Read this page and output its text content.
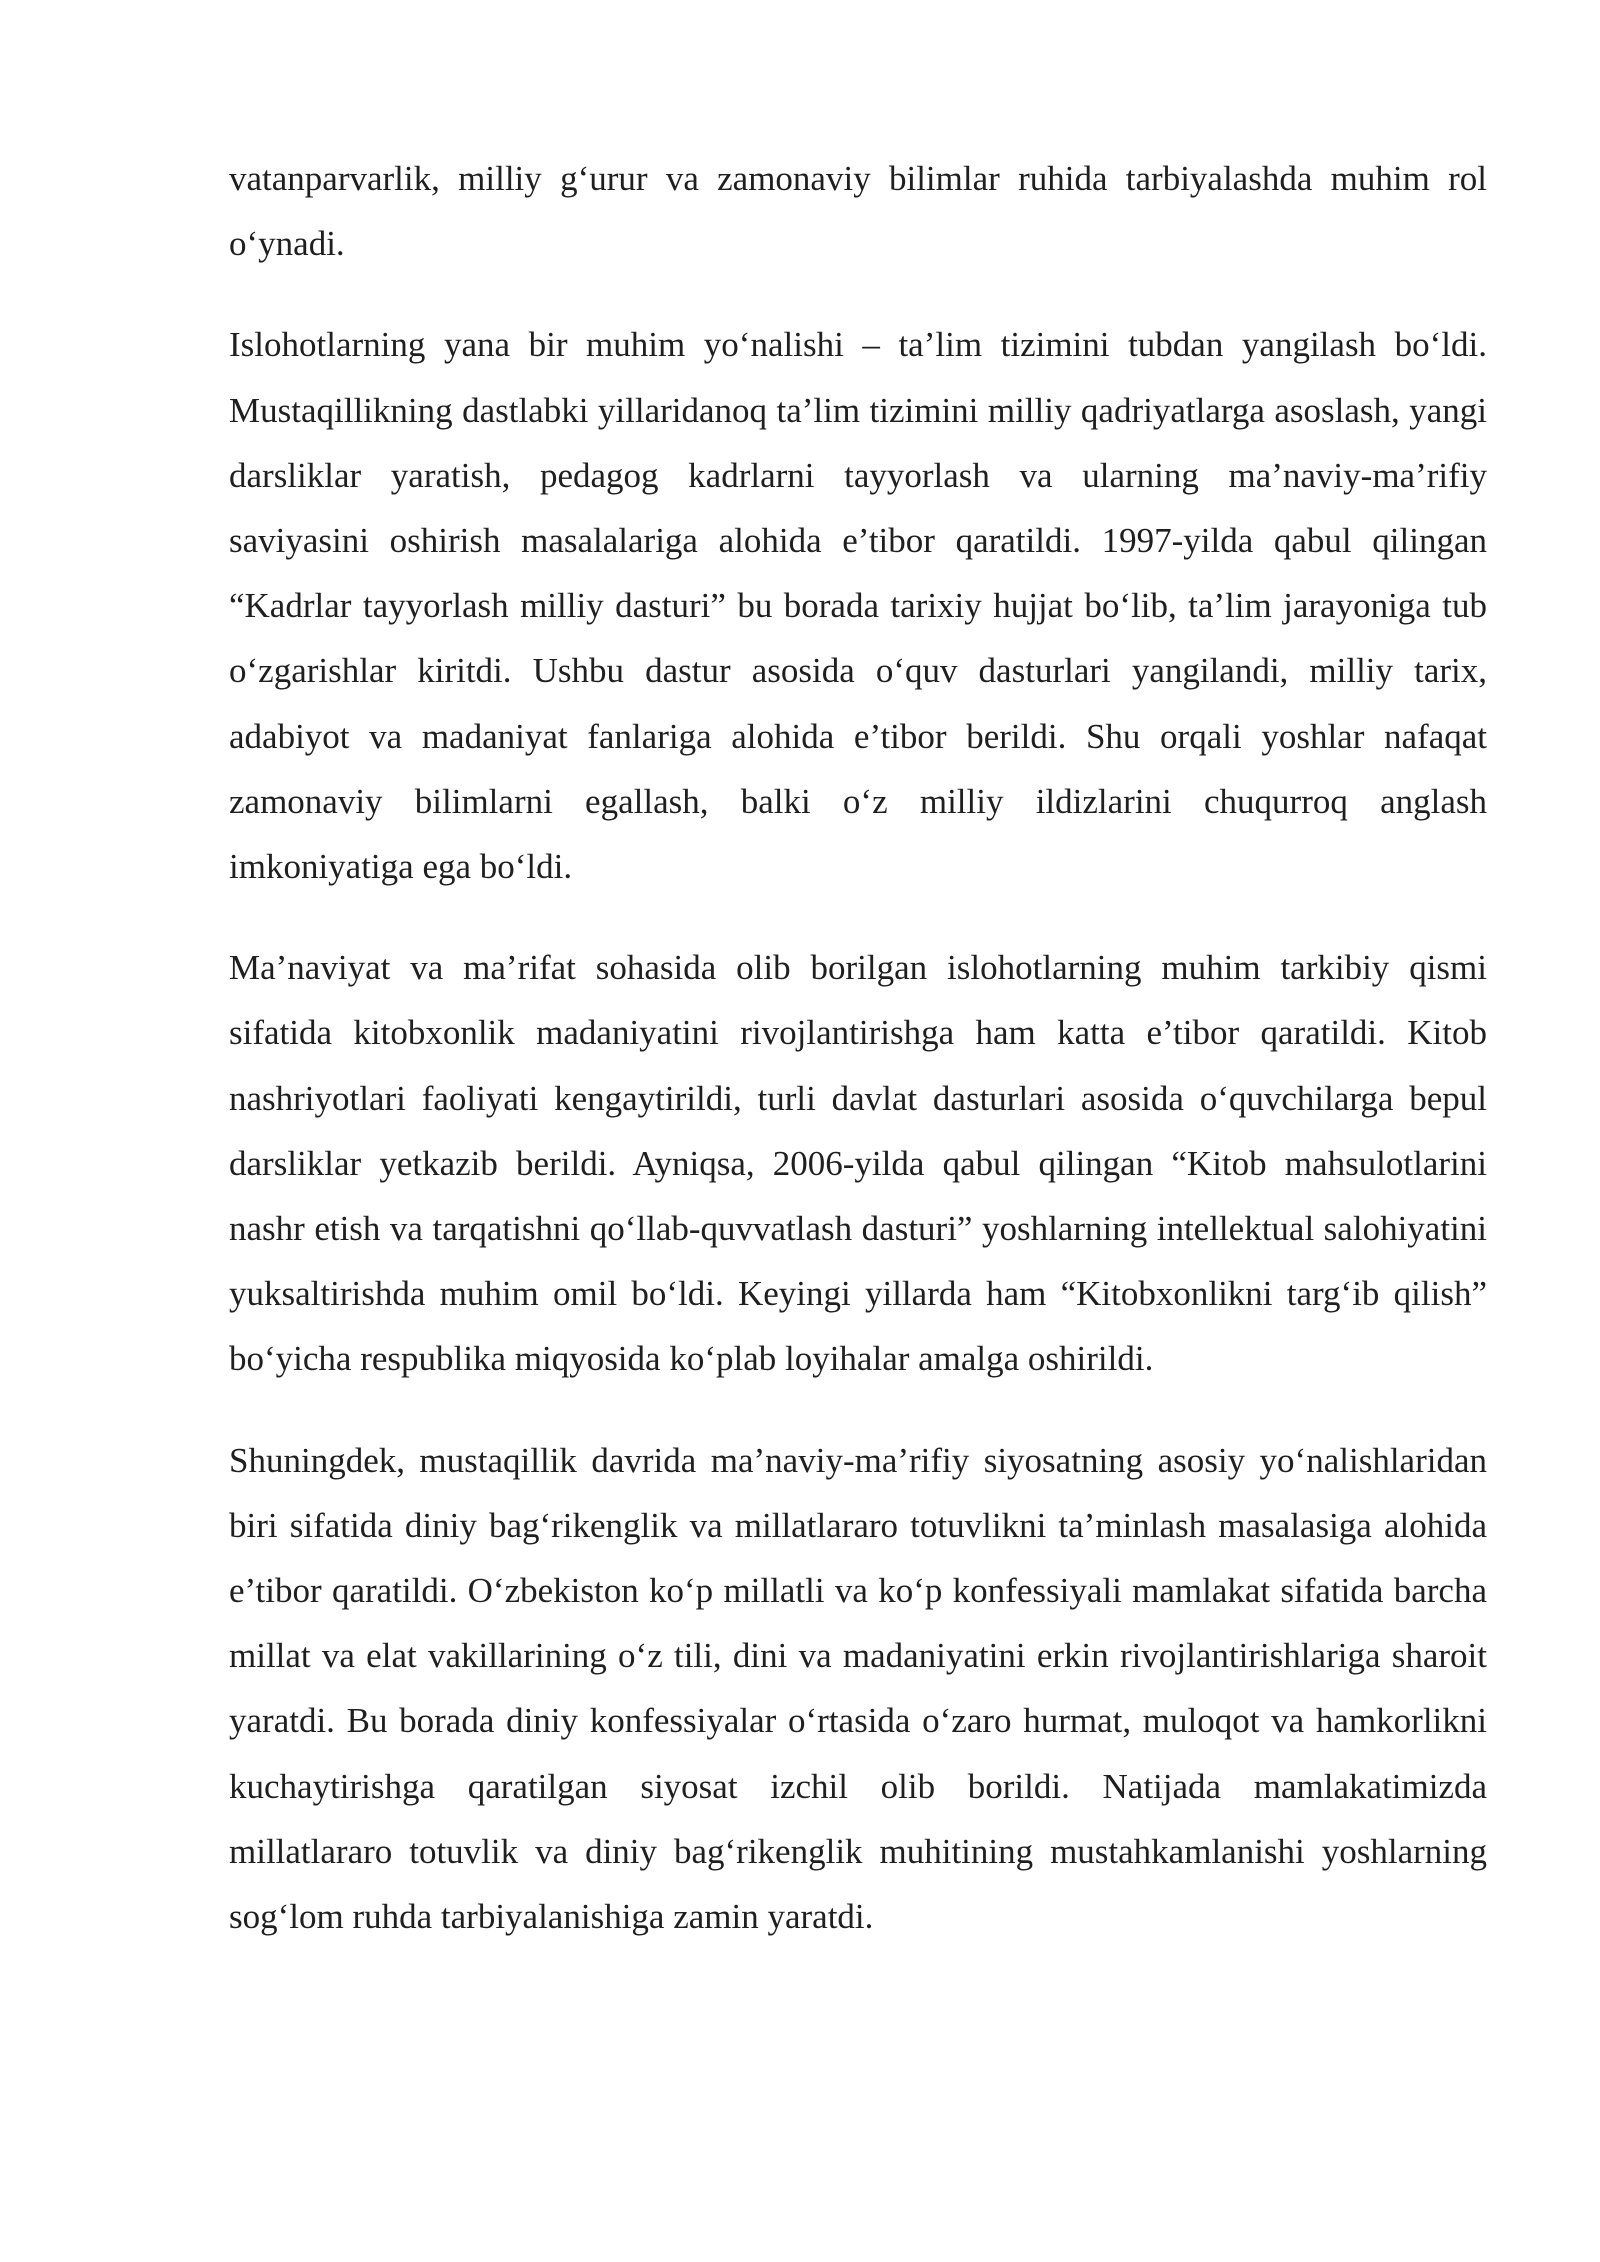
vatanparvarlik, milliy g‘urur va zamonaviy bilimlar ruhida tarbiyalashda muhim rol o‘ynadi.

Islohotlarning yana bir muhim yo‘nalishi – ta’lim tizimini tubdan yangilash bo‘ldi. Mustaqillikning dastlabki yillaridanoq ta’lim tizimini milliy qadriyatlarga asoslash, yangi darsliklar yaratish, pedagog kadrlarni tayyorlash va ularning ma’naviy-ma’rifiy saviyasini oshirish masalalariga alohida e’tibor qaratildi. 1997-yilda qabul qilingan “Kadrlar tayyorlash milliy dasturi” bu borada tarixiy hujjat bo‘lib, ta’lim jarayoniga tub o‘zgarishlar kiritdi. Ushbu dastur asosida o‘quv dasturlari yangilandi, milliy tarix, adabiyot va madaniyat fanlariga alohida e’tibor berildi. Shu orqali yoshlar nafaqat zamonaviy bilimlarni egallash, balki o‘z milliy ildizlarini chuqurroq anglash imkoniyatiga ega bo‘ldi.

Ma’naviyat va ma’rifat sohasida olib borilgan islohotlarning muhim tarkibiy qismi sifatida kitobxonlik madaniyatini rivojlantirishga ham katta e’tibor qaratildi. Kitob nashriyotlari faoliyati kengaytirildi, turli davlat dasturlari asosida o‘quvchilarga bepul darsliklar yetkazib berildi. Ayniqsa, 2006-yilda qabul qilingan “Kitob mahsulotlarini nashr etish va tarqatishni qo‘llab-quvvatlash dasturi” yoshlarning intellektual salohiyatini yuksaltirishda muhim omil bo‘ldi. Keyingi yillarda ham “Kitobxonlikni targ‘ib qilish” bo‘yicha respublika miqyosida ko‘plab loyihalar amalga oshirildi.

Shuningdek, mustaqillik davrida ma’naviy-ma’rifiy siyosatning asosiy yo‘nalishlaridan biri sifatida diniy bag‘rikenglik va millatlararo totuvlikni ta’minlash masalasiga alohida e’tibor qaratildi. O‘zbekiston ko‘p millatli va ko‘p konfessiyali mamlakat sifatida barcha millat va elat vakillarining o‘z tili, dini va madaniyatini erkin rivojlantirishlariga sharoit yaratdi. Bu borada diniy konfessiyalar o‘rtasida o‘zaro hurmat, muloqot va hamkorlikni kuchaytirishga qaratilgan siyosat izchil olib borildi. Natijada mamlakatimizda millatlararo totuvlik va diniy bag‘rikenglik muhitining mustahkamlanishi yoshlarning sog‘lom ruhda tarbiyalanishiga zamin yaratdi.
